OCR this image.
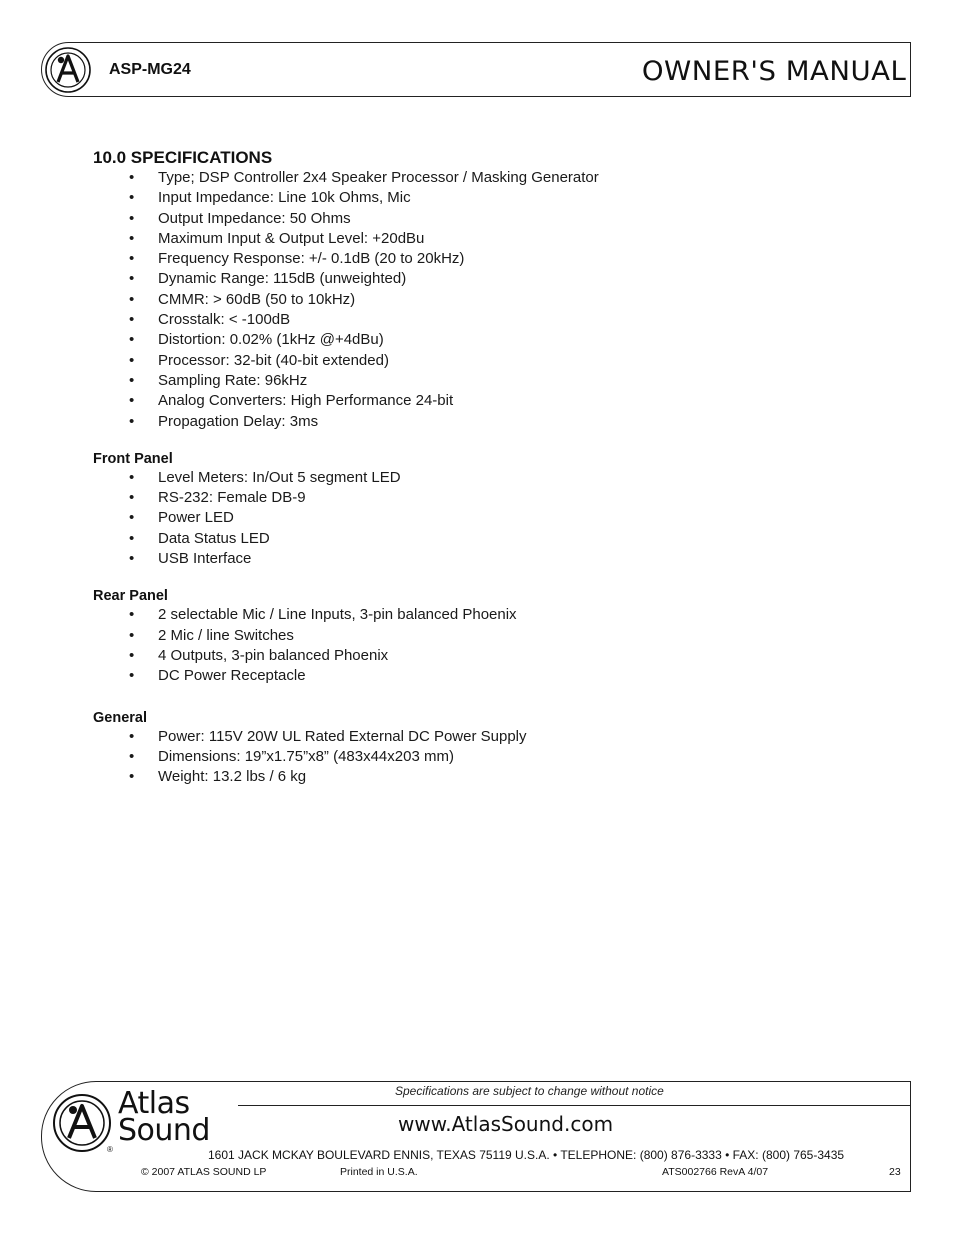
ASP-MG24	OWNER'S MANUAL
10.0 SPECIFICATIONS
• Type; DSP Controller 2x4 Speaker Processor / Masking Generator
• Input Impedance: Line 10k Ohms, Mic
• Output Impedance: 50 Ohms
• Maximum Input & Output Level: +20dBu
• Frequency Response: +/- 0.1dB (20 to 20kHz)
• Dynamic Range: 115dB (unweighted)
• CMMR: > 60dB (50 to 10kHz)
• Crosstalk: < -100dB
• Distortion: 0.02% (1kHz @+4dBu)
• Processor: 32-bit (40-bit extended)
• Sampling Rate: 96kHz
• Analog Converters: High Performance 24-bit
• Propagation Delay: 3ms
Front Panel
• Level Meters: In/Out 5 segment LED
• RS-232: Female DB-9
• Power LED
• Data Status LED
• USB Interface
Rear Panel
• 2 selectable Mic / Line Inputs, 3-pin balanced Phoenix
• 2 Mic / line Switches
• 4 Outputs, 3-pin balanced Phoenix
• DC Power Receptacle
General
• Power: 115V 20W UL Rated External DC Power Supply
• Dimensions: 19”x1.75”x8” (483x44x203 mm)
• Weight: 13.2 lbs / 6 kg
Specifications are subject to change without notice
www.AtlasSound.com
Atlas
Sound
®	1601 JACK MCKAY BOULEVARD ENNIS, TEXAS 75119 U.S.A. • TELEPHONE: (800) 876-3333 • FAX: (800) 765-3435
© 2007 ATLAS SOUND LP	Printed in U.S.A.	ATS002766 RevA 4/07	23
